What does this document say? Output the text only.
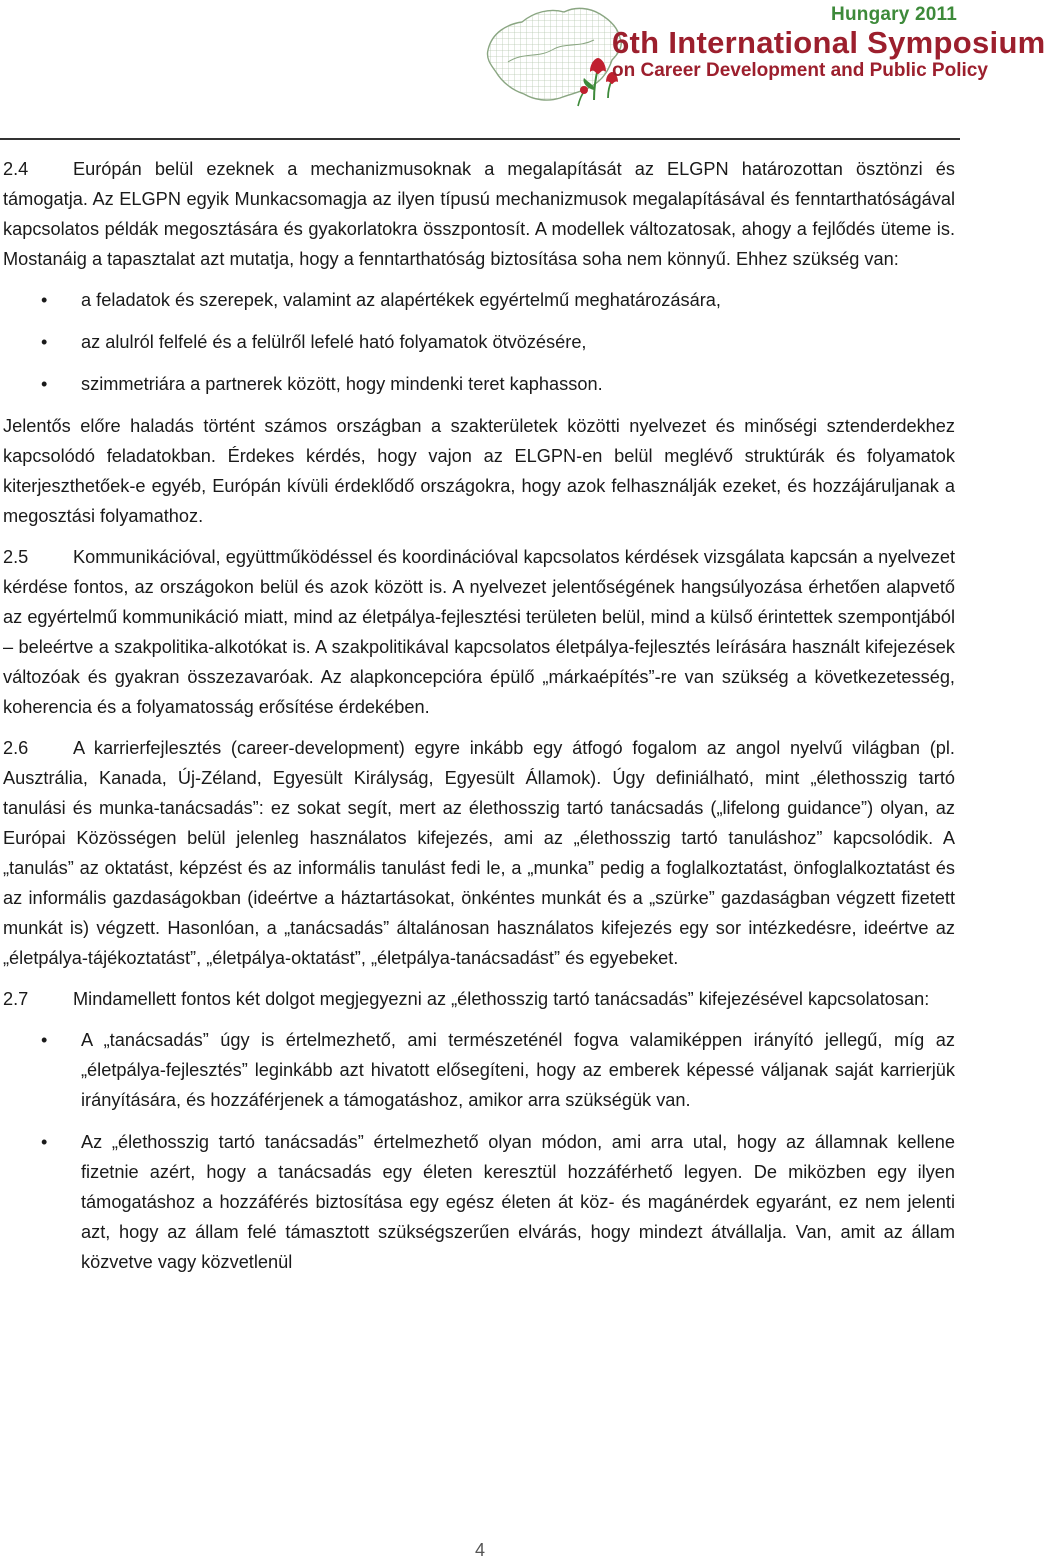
Hungary 2011
6th International Symposium
on Career Development and Public Policy

2.4 Európán belül ezeknek a mechanizmusoknak a megalapítását az ELGPN határozottan ösztönzi és támogatja. Az ELGPN egyik Munkacsomagja az ilyen típusú mechanizmusok megalapításával és fenntarthatóságával kapcsolatos példák megosztására és gyakorlatokra összpontosít. A modellek változatosak, ahogy a fejlődés üteme is. Mostanáig a tapasztalat azt mutatja, hogy a fenntarthatóság biztosítása soha nem könnyű. Ehhez szükség van:

• a feladatok és szerepek, valamint az alapértékek egyértelmű meghatározására,
• az alulról felfelé és a felülről lefelé ható folyamatok ötvözésére,
• szimmetriára a partnerek között, hogy mindenki teret kaphasson.

Jelentős előre haladás történt számos országban a szakterületek közötti nyelvezet és minőségi sztenderdekhez kapcsolódó feladatokban. Érdekes kérdés, hogy vajon az ELGPN-en belül meglévő struktúrák és folyamatok kiterjeszthetőek-e egyéb, Európán kívüli érdeklődő országokra, hogy azok felhasználják ezeket, és hozzájáruljanak a megosztási folyamathoz.

2.5 Kommunikációval, együttműködéssel és koordinációval kapcsolatos kérdések vizsgálata kapcsán a nyelvezet kérdése fontos, az országokon belül és azok között is. A nyelvezet jelentőségének hangsúlyozása érhetően alapvető az egyértelmű kommunikáció miatt, mind az életpálya-fejlesztési területen belül, mind a külső érintettek szempontjából – beleértve a szakpolitika-alkotókat is. A szakpolitikával kapcsolatos életpálya-fejlesztés leírására használt kifejezések változóak és gyakran összezavaróak. Az alapkoncepcióra épülő „márkaépítés”-re van szükség a következetesség, koherencia és a folyamatosság erősítése érdekében.

2.6 A karrierfejlesztés (career-development) egyre inkább egy átfogó fogalom az angol nyelvű világban (pl. Ausztrália, Kanada, Új-Zéland, Egyesült Királyság, Egyesült Államok). Úgy definiálható, mint „élethosszig tartó tanulási és munka-tanácsadás”: ez sokat segít, mert az élethosszig tartó tanácsadás („lifelong guidance”) olyan, az Európai Közösségen belül jelenleg használatos kifejezés, ami az „élethosszig tartó tanuláshoz” kapcsolódik. A „tanulás” az oktatást, képzést és az informális tanulást fedi le, a „munka” pedig a foglalkoztatást, önfoglalkoztatást és az informális gazdaságokban (ideértve a háztartásokat, önkéntes munkát és a „szürke” gazdaságban végzett fizetett munkát is) végzett. Hasonlóan, a „tanácsadás” általánosan használatos kifejezés egy sor intézkedésre, ideértve az „életpálya-tájékoztatást”, „életpálya-oktatást”, „életpálya-tanácsadást” és egyebeket.

2.7 Mindamellett fontos két dolgot megjegyezni az „élethosszig tartó tanácsadás” kifejezésével kapcsolatosan:

• A „tanácsadás” úgy is értelmezhető, ami természeténél fogva valamiképpen irányító jellegű, míg az „életpálya-fejlesztés” leginkább azt hivatott elősegíteni, hogy az emberek képessé váljanak saját karrierjük irányítására, és hozzáférjenek a támogatáshoz, amikor arra szükségük van.
• Az „élethosszig tartó tanácsadás” értelmezhető olyan módon, ami arra utal, hogy az államnak kellene fizetnie azért, hogy a tanácsadás egy életen keresztül hozzáférhető legyen. De miközben egy ilyen támogatáshoz a hozzáférés biztosítása egy egész életen át köz- és magánérdek egyaránt, ez nem jelenti azt, hogy az állam felé támasztott szükségszerűen elvárás, hogy mindezt átvállalja. Van, amit az állam közvetve vagy közvetlenül
4
